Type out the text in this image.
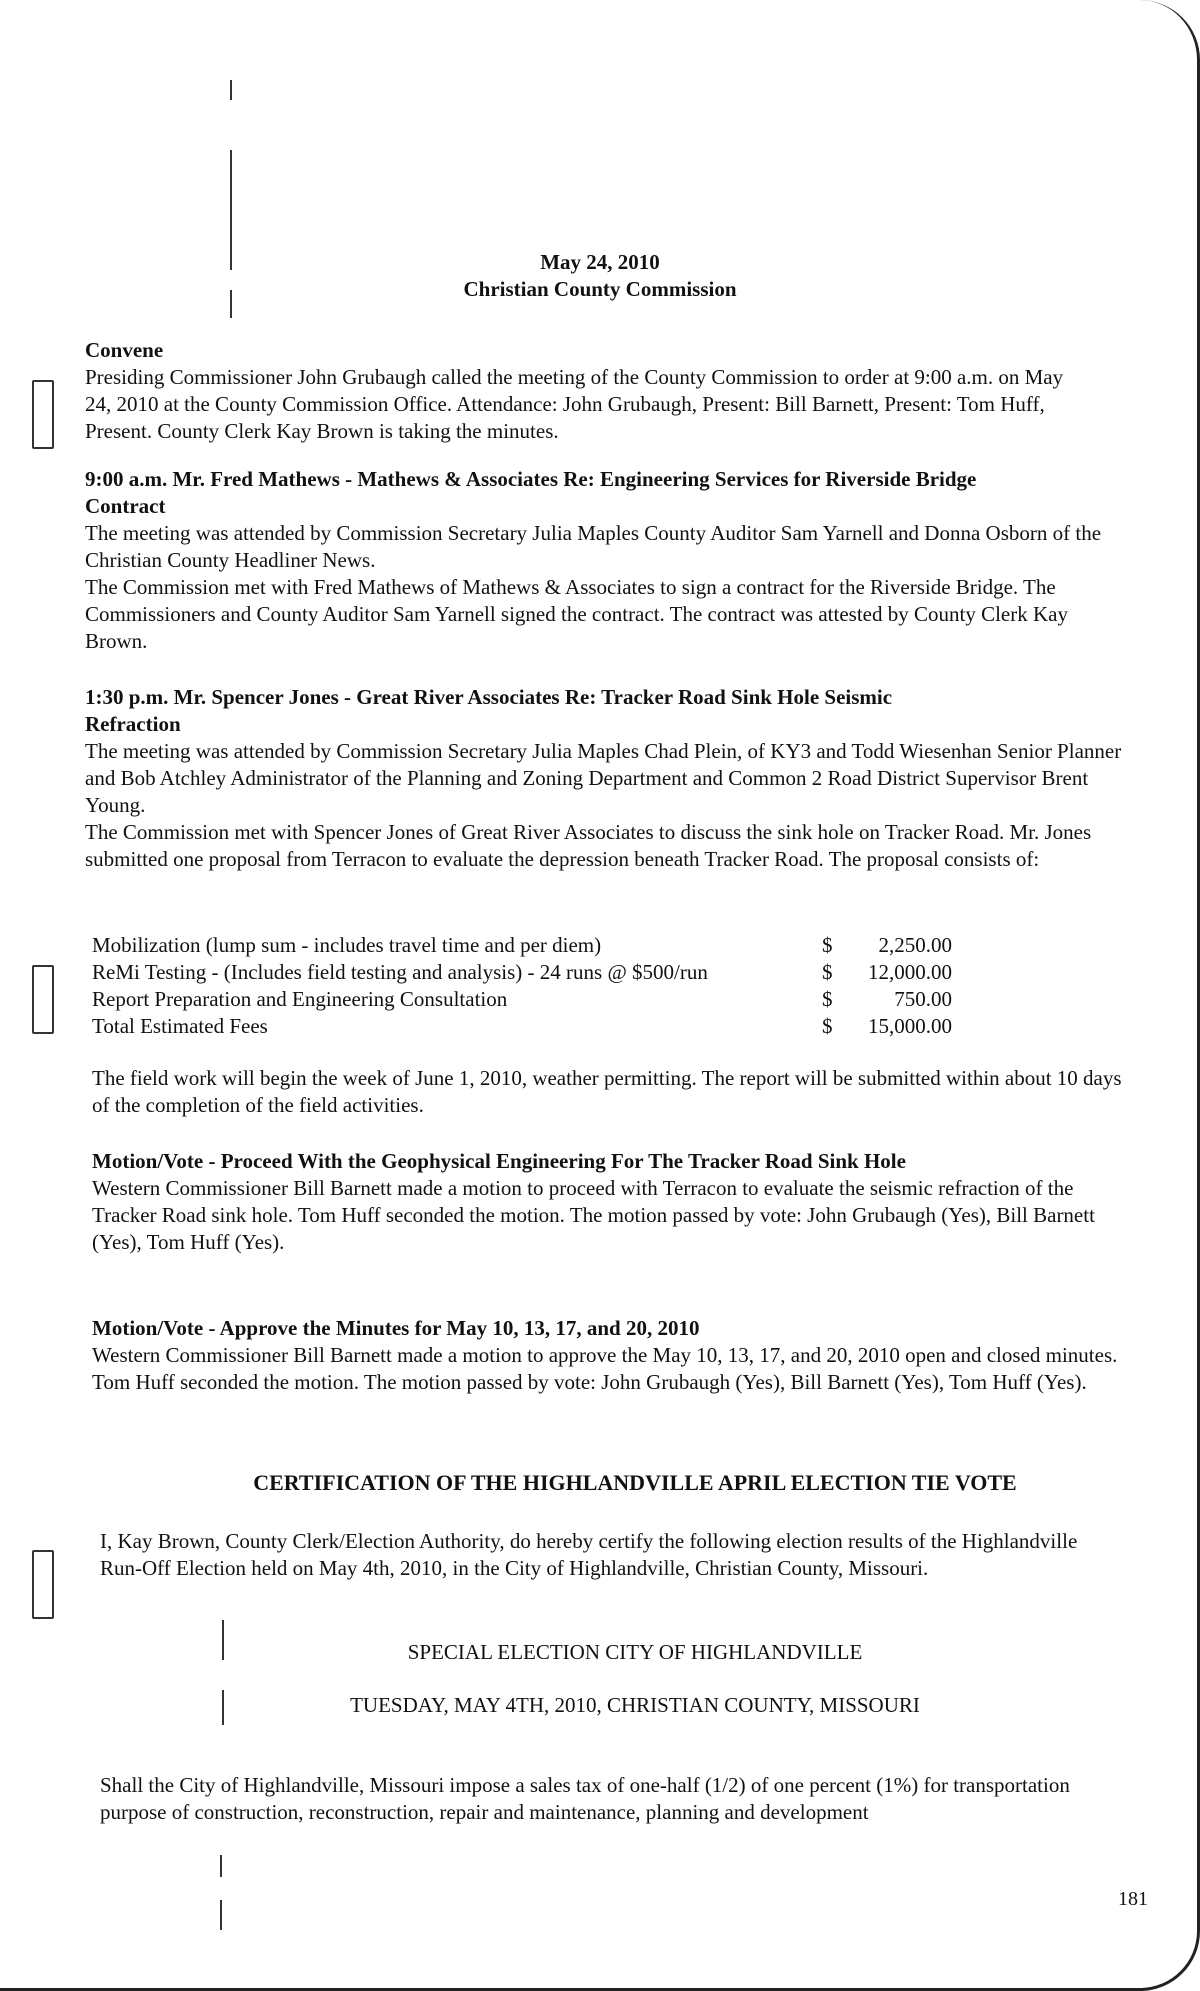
May 24, 2010
Christian County Commission
Convene

Presiding Commissioner John Grubaugh called the meeting of the County Commission to order at 9:00 a.m. on May 24, 2010 at the County Commission Office. Attendance: John Grubaugh, Present: Bill Barnett, Present: Tom Huff, Present. County Clerk Kay Brown is taking the minutes.

9:00 a.m. Mr. Fred Mathews - Mathews & Associates Re: Engineering Services for Riverside Bridge Contract

The meeting was attended by Commission Secretary Julia Maples County Auditor Sam Yarnell and Donna Osborn of the Christian County Headliner News.

The Commission met with Fred Mathews of Mathews & Associates to sign a contract for the Riverside Bridge. The Commissioners and County Auditor Sam Yarnell signed the contract. The contract was attested by County Clerk Kay Brown.

1:30 p.m. Mr. Spencer Jones - Great River Associates Re: Tracker Road Sink Hole Seismic Refraction

The meeting was attended by Commission Secretary Julia Maples Chad Plein, of KY3 and Todd Wiesenhan Senior Planner and Bob Atchley Administrator of the Planning and Zoning Department and Common 2 Road District Supervisor Brent Young.

The Commission met with Spencer Jones of Great River Associates to discuss the sink hole on Tracker Road. Mr. Jones submitted one proposal from Terracon to evaluate the depression beneath Tracker Road. The proposal consists of:

Mobilization (lump sum - includes travel time and per diem)	$ 2,250.00
ReMi Testing - (Includes field testing and analysis) - 24 runs @ $500/run	$ 12,000.00
Report Preparation and Engineering Consultation	$	750.00
Total Estimated Fees	$ 15,000.00

The field work will begin the week of June 1, 2010, weather permitting. The report will be submitted within about 10 days of the completion of the field activities.

Motion/Vote - Proceed With the Geophysical Engineering For The Tracker Road Sink Hole

Western Commissioner Bill Barnett made a motion to proceed with Terracon to evaluate the seismic refraction of the Tracker Road sink hole. Tom Huff seconded the motion. The motion passed by vote: John Grubaugh (Yes), Bill Barnett (Yes), Tom Huff (Yes).

Motion/Vote - Approve the Minutes for May 10, 13, 17, and 20, 2010

Western Commissioner Bill Barnett made a motion to approve the May 10, 13, 17, and 20, 2010 open and closed minutes. Tom Huff seconded the motion. The motion passed by vote: John Grubaugh (Yes), Bill Barnett (Yes), Tom Huff (Yes).

CERTIFICATION OF THE HIGHLANDVILLE APRIL ELECTION TIE VOTE

I, Kay Brown, County Clerk/Election Authority, do hereby certify the following election results of the Highlandville Run-Off Election held on May 4th, 2010, in the City of Highlandville, Christian County, Missouri.

SPECIAL ELECTION CITY OF HIGHLANDVILLE
TUESDAY, MAY 4TH, 2010, CHRISTIAN COUNTY, MISSOURI

Shall the City of Highlandville, Missouri impose a sales tax of one-half (1/2) of one percent (1%) for transportation purpose of construction, reconstruction, repair and maintenance, planning and development

181
